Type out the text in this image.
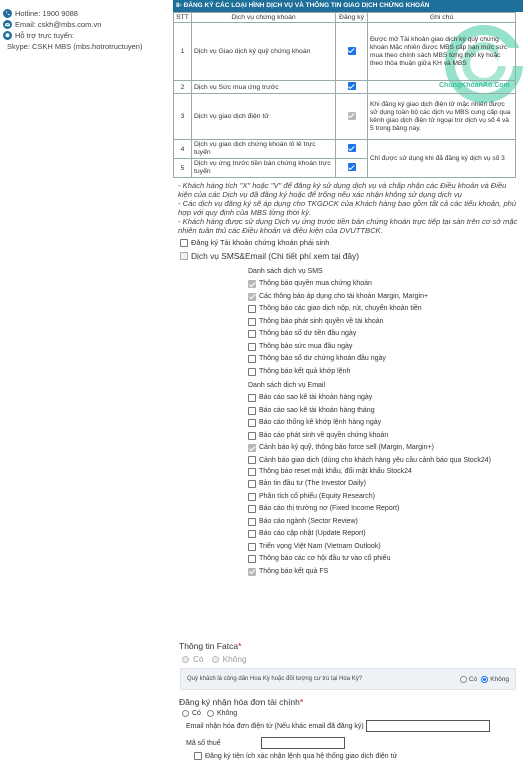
Hotline: 1900 9088
Email: cskh@mbs.com.vn
Hỗ trợ trực tuyến:
Skype: CSKH MBS (mbs.hotrotructuyen)
ChungKhoanAo.Com
8- ĐĂNG KÝ CÁC LOẠI HÌNH DỊCH VỤ VÀ THÔNG TIN GIAO DỊCH CHỨNG KHOÁN
STT	Dịch vụ chứng khoán	Đăng ký	Ghi chú
1	Dịch vụ Giao dịch ký quỹ chứng khoán		Được mở Tài khoản giao dịch ký quỹ chứng khoán Mặc nhiên được MBS cấp hạn mức sức mua theo chính sách MBS từng thời kỳ hoặc theo thỏa thuận giữa KH và MBS
2	Dịch vụ Sức mua ứng trước		
3	Dịch vụ giao dịch điện tử		Khi đăng ký giao dịch điện tử mặc nhiên được sử dụng toàn bộ các dịch vụ MBS cung cấp qua kênh giao dịch điện tử ngoại trừ dịch vụ số 4 và 5 trong bảng này.
4	Dịch vụ giao dịch chứng khoán lô lẻ trực tuyến		Chỉ được sử dụng khi đã đăng ký dịch vụ số 3
5	Dịch vụ ứng trước tiền bán chứng khoán trực tuyến		

- Khách hàng tích "X" hoặc "V" để đăng ký sử dụng dịch vụ và chấp nhận các Điều khoản và Điều kiện của các Dịch vụ đã đăng ký hoặc để trống nếu xác nhận không sử dụng dịch vụ

- Các dịch vụ đăng ký sẽ áp dụng cho TKGDCK của Khách hàng bao gồm tất cả các tiểu khoản, phù hợp với quy định của MBS từng thời kỳ.

- Khách hàng được sử dụng Dịch vụ ứng trước tiền bán chứng khoán trực tiếp tại sàn trên cơ sở mặc nhiên tuân thủ các Điều khoản và điều kiện của DVUTTBCK.

Đăng ký Tài khoản chứng khoán phái sinh
Dịch vụ SMS&Email ( Chi tiết phí xem tại đây )
Danh sách dịch vụ SMS
Thông báo quyền mua chứng khoán
Các thông báo áp dụng cho tài khoản Margin, Margin+
Thông báo các giao dịch nộp, rút, chuyển khoản tiền
Thông báo phát sinh quyền về tài khoản
Thông báo số dư tiền đầu ngày
Thông báo sức mua đầu ngày
Thông báo số dư chứng khoán đầu ngày
Thông báo kết quả khớp lệnh
Danh sách dịch vụ Email
Báo cáo sao kê tài khoản hàng ngày
Báo cáo sao kê tài khoản hàng tháng
Báo cáo thống kê khớp lệnh hàng ngày
Báo cáo phát sinh về quyền chứng khoán
Cảnh báo ký quỹ, thông báo force sell (Margin, Margin+)
Cảnh báo giao dịch (dùng cho khách hàng yêu cầu cảnh báo qua Stock24)
Thông báo reset mật khẩu, đổi mật khẩu Stock24
Bản tin đầu tư (The Investor Daily)
Phân tích cổ phiếu (Equity Research)
Báo cáo thị trường nợ (Fixed Income Report)
Báo cáo ngành (Sector Review)
Báo cáo cập nhật (Update Report)
Triển vọng Việt Nam (Vietnam Outlook)
Thông báo các cơ hội đầu tư vào cổ phiếu
Thông báo kết quả FS
Thông tin Fatca*
Có Không
Quý khách là công dân Hoa Kỳ hoặc đối tượng cư trú tại Hoa Kỳ?	Có Không
Đăng ký nhận hóa đơn tài chính*
Có Không
Email nhận hóa đơn điện tử (Nếu khác email đã đăng ký)
Mã số thuế
Đăng ký tiện ích xác nhận lệnh qua hệ thống giao dịch điện tử
